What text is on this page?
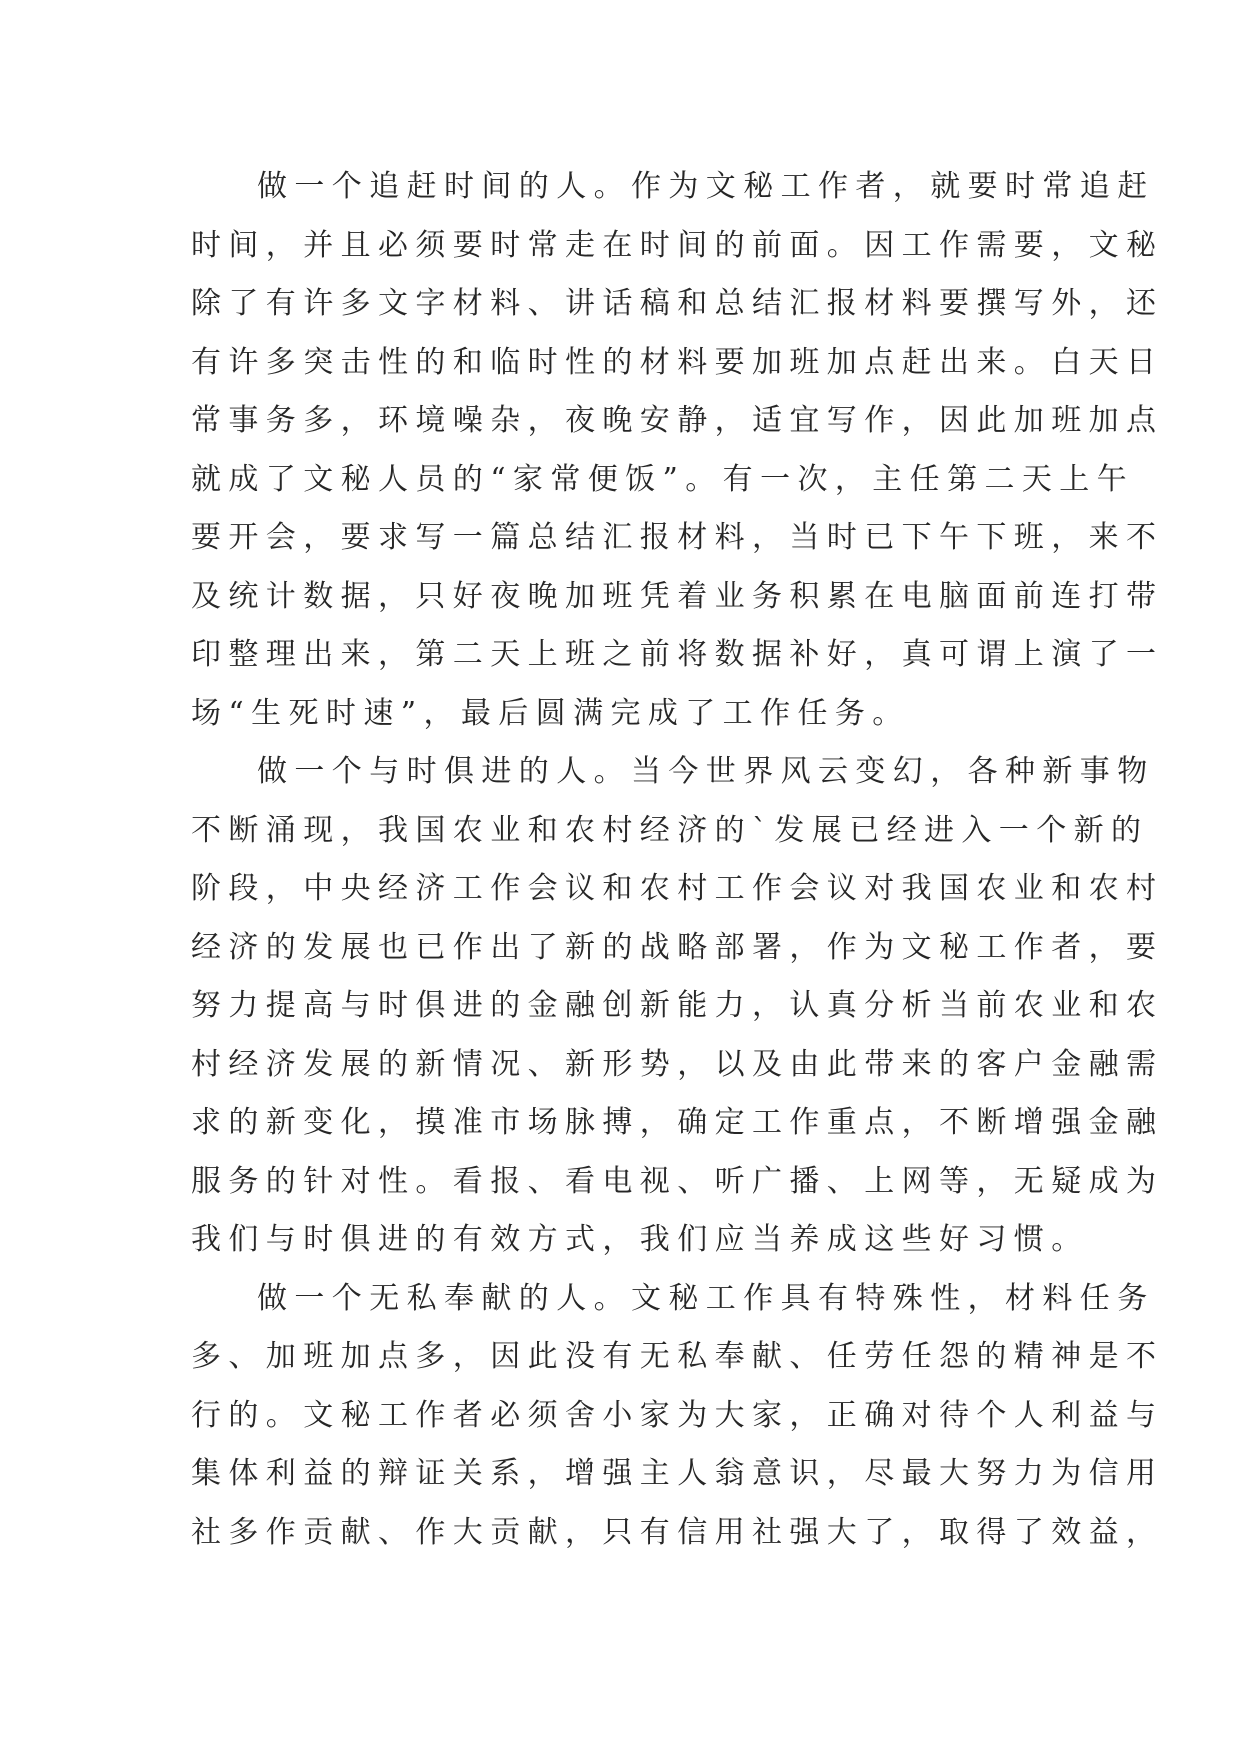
做一个追赶时间的人。作为文秘工作者，就要时常追赶
时间，并且必须要时常走在时间的前面。因工作需要，文秘
除了有许多文字材料、讲话稿和总结汇报材料要撰写外，还
有许多突击性的和临时性的材料要加班加点赶出来。白天日
常事务多，环境噪杂，夜晚安静，适宜写作，因此加班加点
就成了文秘人员的“家常便饭”。有一次，主任第二天上午
要开会，要求写一篇总结汇报材料，当时已下午下班，来不
及统计数据，只好夜晚加班凭着业务积累在电脑面前连打带
印整理出来，第二天上班之前将数据补好，真可谓上演了一
场“生死时速”，最后圆满完成了工作任务。
做一个与时俱进的人。当今世界风云变幻，各种新事物
不断涌现，我国农业和农村经济的`发展已经进入一个新的
阶段，中央经济工作会议和农村工作会议对我国农业和农村
经济的发展也已作出了新的战略部署，作为文秘工作者，要
努力提高与时俱进的金融创新能力，认真分析当前农业和农
村经济发展的新情况、新形势，以及由此带来的客户金融需
求的新变化，摸准市场脉搏，确定工作重点，不断增强金融
服务的针对性。看报、看电视、听广播、上网等，无疑成为
我们与时俱进的有效方式，我们应当养成这些好习惯。
做一个无私奉献的人。文秘工作具有特殊性，材料任务
多、加班加点多，因此没有无私奉献、任劳任怨的精神是不
行的。文秘工作者必须舍小家为大家，正确对待个人利益与
集体利益的辩证关系，增强主人翁意识，尽最大努力为信用
社多作贡献、作大贡献，只有信用社强大了，取得了效益，
